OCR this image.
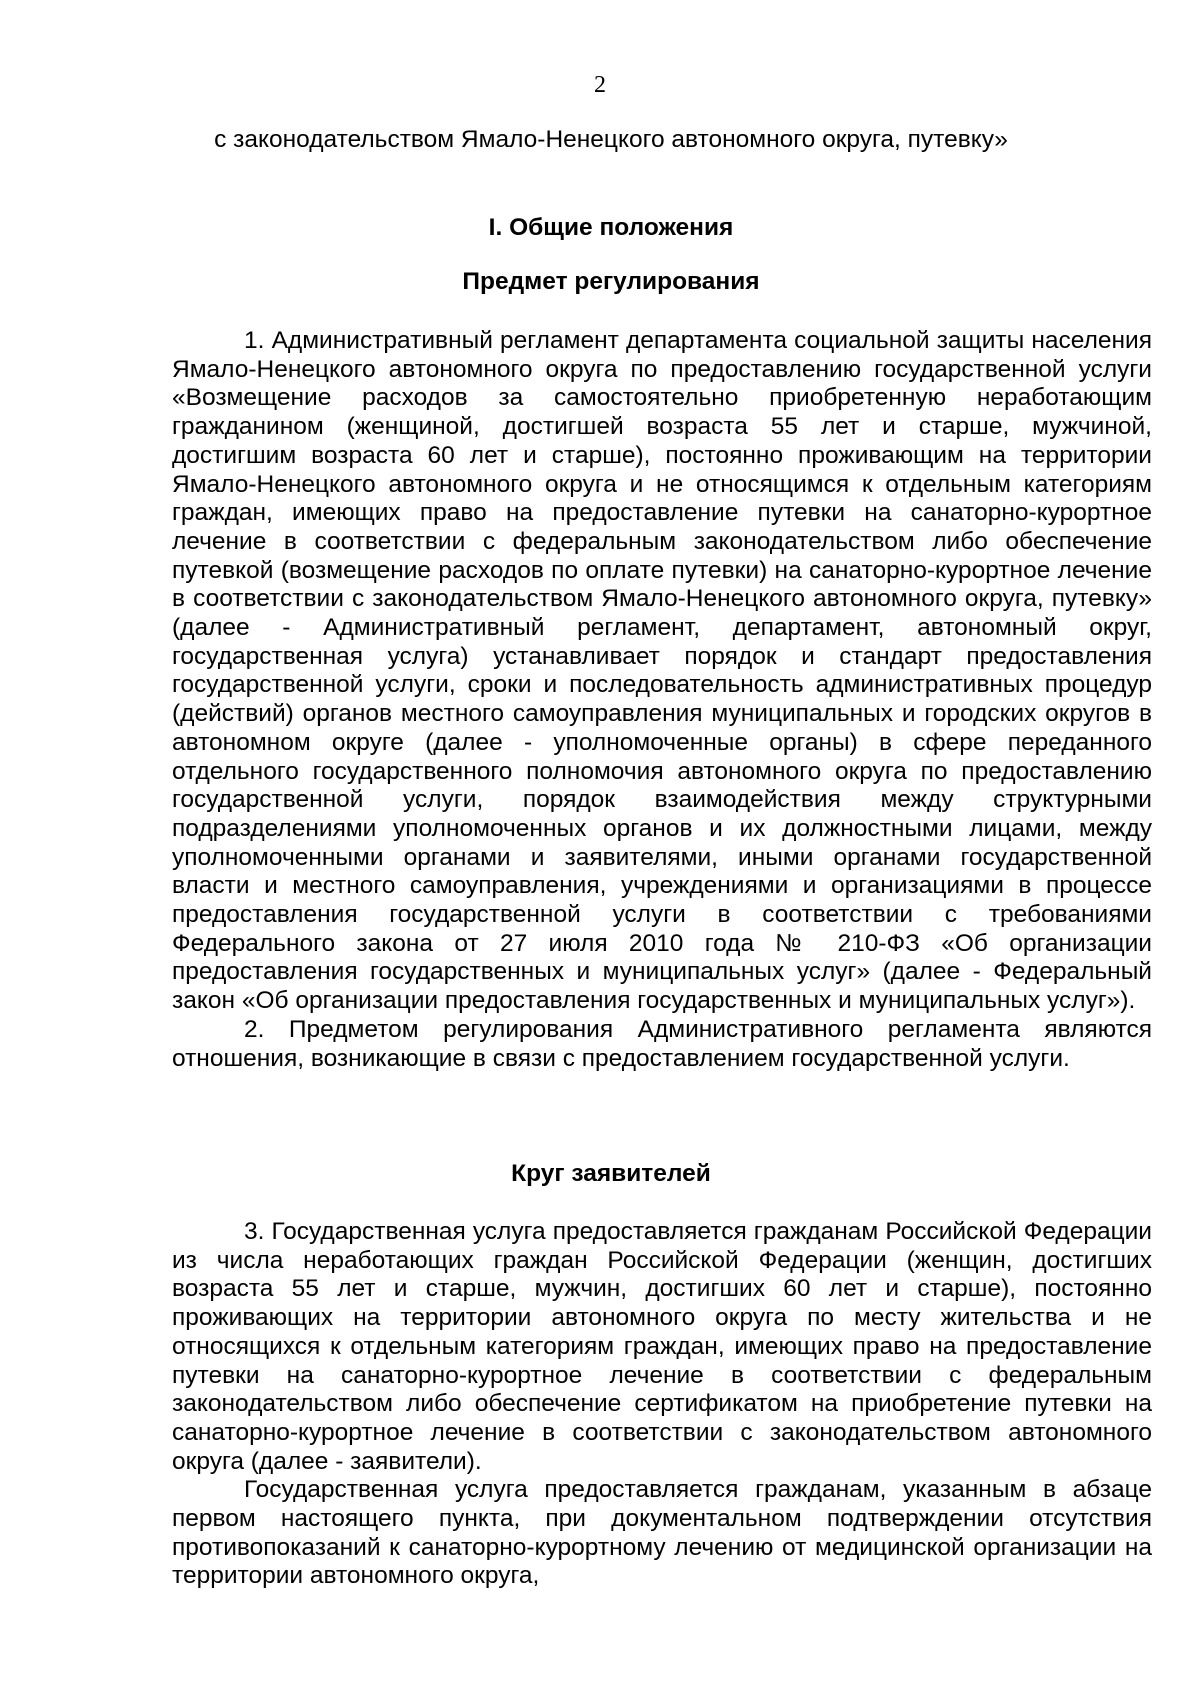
2
с законодательством Ямало-Ненецкого автономного округа, путевку»
I. Общие положения
Предмет регулирования

1. Административный регламент департамента социальной защиты населения Ямало-Ненецкого автономного округа по предоставлению государственной услуги «Возмещение расходов за самостоятельно приобретенную неработающим гражданином (женщиной, достигшей возраста 55 лет и старше, мужчиной, достигшим возраста 60 лет и старше), постоянно проживающим на территории Ямало-Ненецкого автономного округа и не относящимся к отдельным категориям граждан, имеющих право на предоставление путевки на санаторно-курортное лечение в соответствии с федеральным законодательством либо обеспечение путевкой (возмещение расходов по оплате путевки) на санаторно-курортное лечение в соответствии с законодательством Ямало-Ненецкого автономного округа, путевку» (далее - Административный регламент, департамент, автономный округ, государственная услуга) устанавливает порядок и стандарт предоставления государственной услуги, сроки и последовательность административных процедур (действий) органов местного самоуправления муниципальных и городских округов в автономном округе (далее - уполномоченные органы) в сфере переданного отдельного государственного полномочия автономного округа по предоставлению государственной услуги, порядок взаимодействия между структурными подразделениями уполномоченных органов и их должностными лицами, между уполномоченными органами и заявителями, иными органами государственной власти и местного самоуправления, учреждениями и организациями в процессе предоставления государственной услуги в соответствии с требованиями Федерального закона от 27 июля 2010 года № 210-ФЗ «Об организации предоставления государственных и муниципальных услуг» (далее - Федеральный закон «Об организации предоставления государственных и муниципальных услуг»).

2. Предметом регулирования Административного регламента являются отношения, возникающие в связи с предоставлением государственной услуги.

Круг заявителей

3. Государственная услуга предоставляется гражданам Российской Федерации из числа неработающих граждан Российской Федерации (женщин, достигших возраста 55 лет и старше, мужчин, достигших 60 лет и старше), постоянно проживающих на территории автономного округа по месту жительства и не относящихся к отдельным категориям граждан, имеющих право на предоставление путевки на санаторно-курортное лечение в соответствии с федеральным законодательством либо обеспечение сертификатом на приобретение путевки на санаторно-курортное лечение в соответствии с законодательством автономного округа (далее - заявители).

Государственная услуга предоставляется гражданам, указанным в абзаце первом настоящего пункта, при документальном подтверждении отсутствия противопоказаний к санаторно-курортному лечению от медицинской организации на территории автономного округа,
